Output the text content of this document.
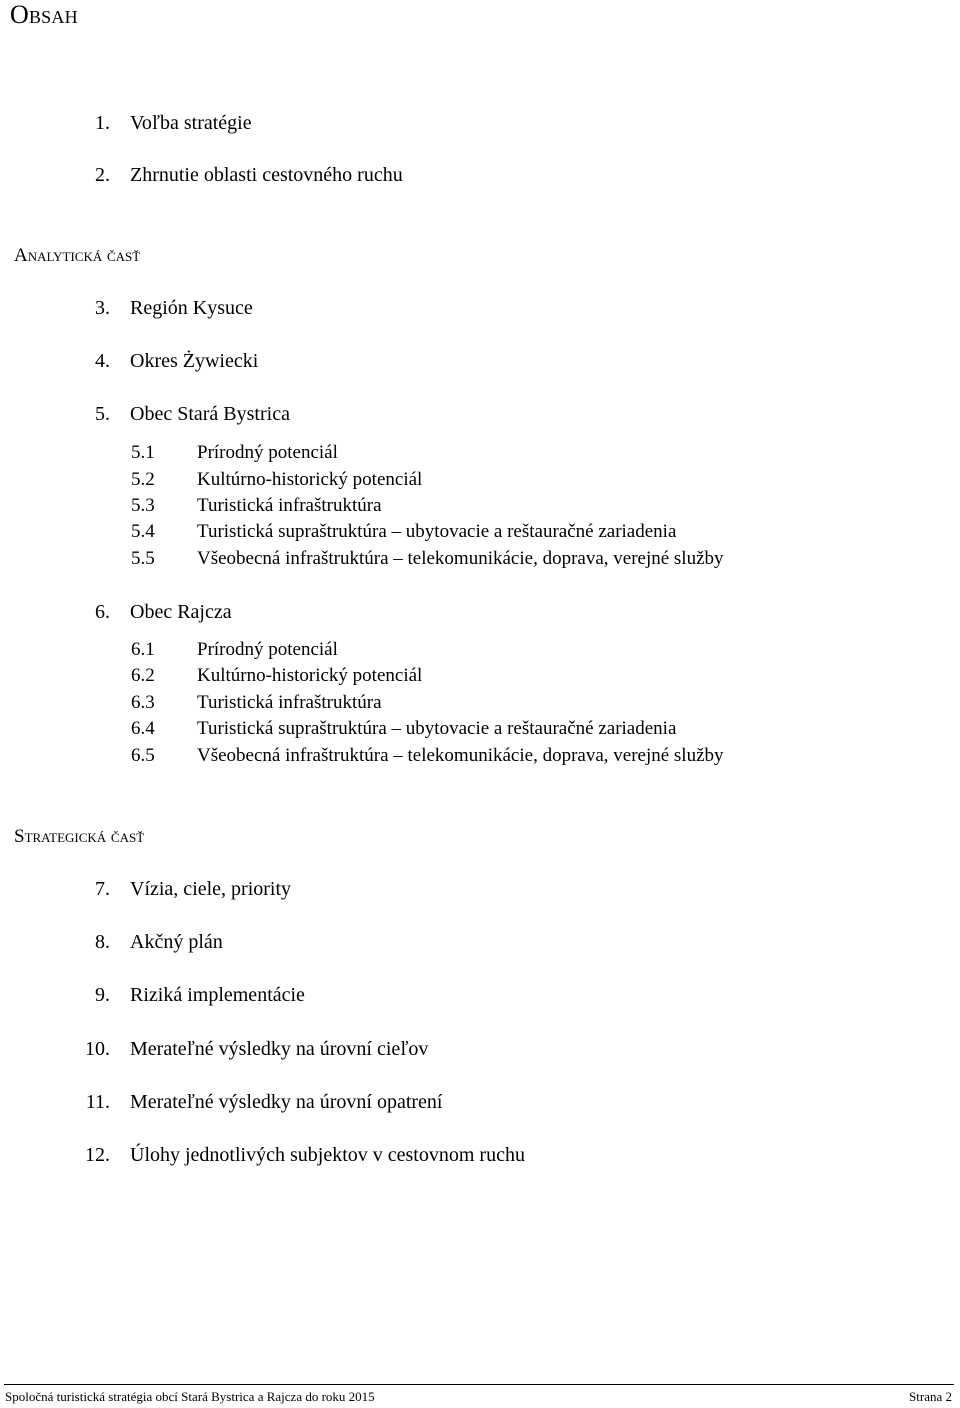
Obsah
1. Voľba stratégie
2. Zhrnutie oblasti cestovného ruchu
Analytická časť
3. Región Kysuce
4. Okres Żywiecki
5. Obec Stará Bystrica
5.1 Prírodný potenciál
5.2 Kultúrno-historický potenciál
5.3 Turistická infraštruktúra
5.4 Turistická supraštruktúra – ubytovacie a reštauračné zariadenia
5.5 Všeobecná infraštruktúra – telekomunikácie, doprava, verejné služby
6. Obec Rajcza
6.1 Prírodný potenciál
6.2 Kultúrno-historický potenciál
6.3 Turistická infraštruktúra
6.4 Turistická supraštruktúra – ubytovacie a reštauračné zariadenia
6.5 Všeobecná infraštruktúra – telekomunikácie, doprava, verejné služby
Strategická časť
7. Vízia, ciele, priority
8. Akčný plán
9. Riziká implementácie
10. Merateľné výsledky na úrovní cieľov
11. Merateľné výsledky na úrovní opatrení
12. Úlohy jednotlivých subjektov v cestovnom ruchu
Spoločná turistická stratégia obcí Stará Bystrica a Rajcza do roku 2015	Strana 2
